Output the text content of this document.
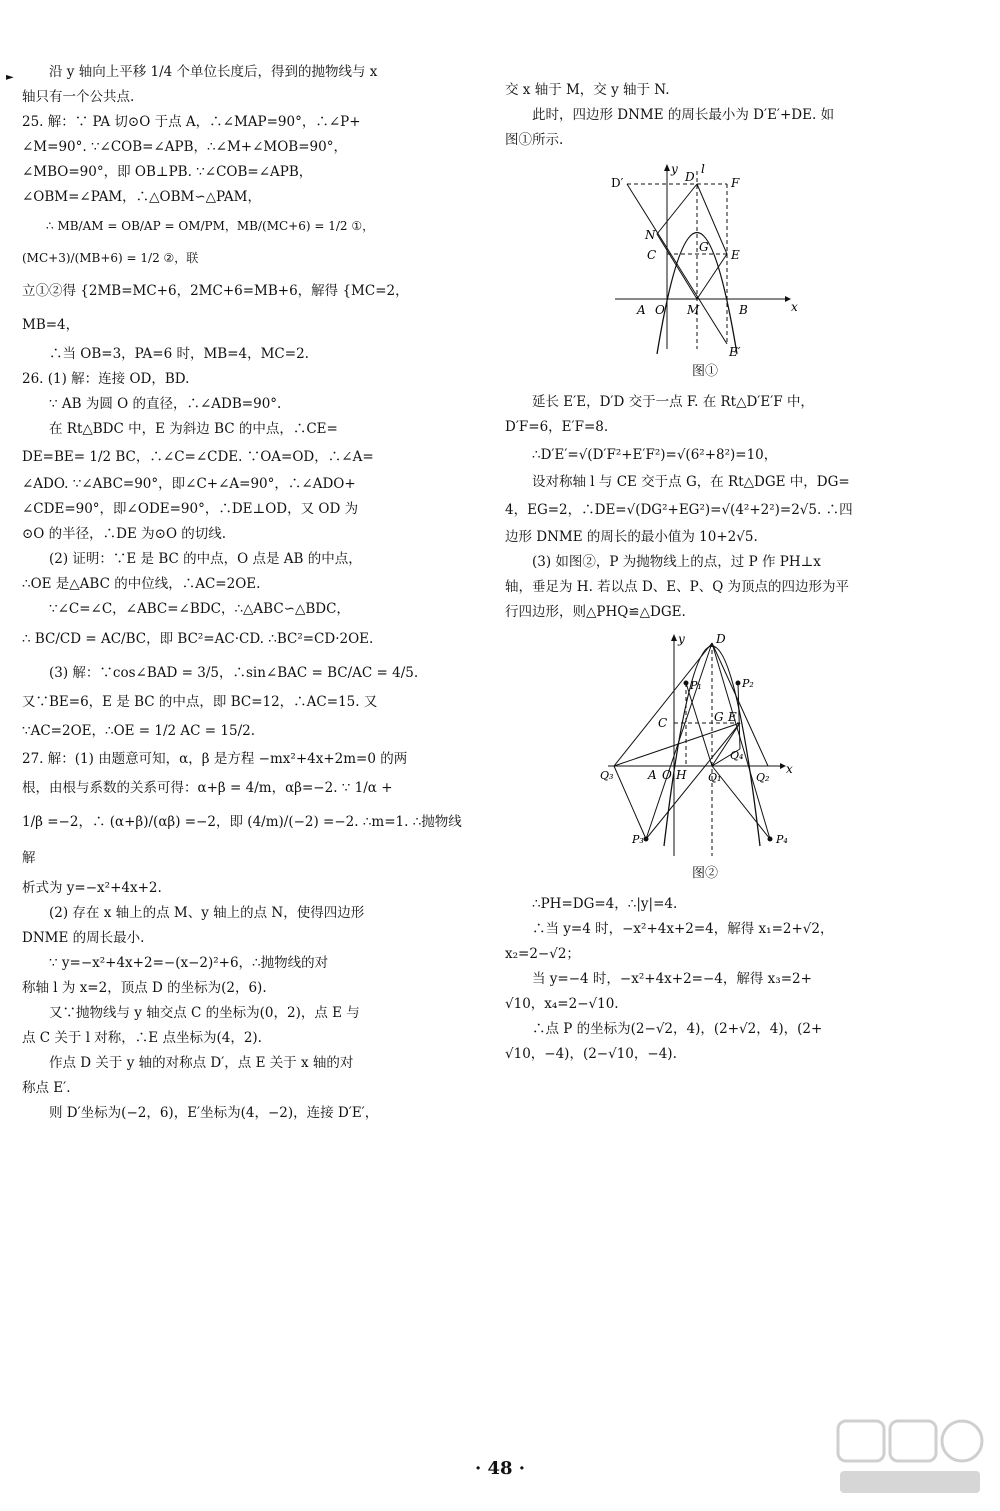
►	沿 y 轴向上平移 1/4 个单位长度后，得到的抛物线与 x

轴只有一个公共点.

25. 解：∵ PA 切⊙O 于点 A，∴∠MAP=90°，∴∠P+

∠M=90°. ∵∠COB=∠APB，∴∠M+∠MOB=90°，

∠MBO=90°，即 OB⊥PB. ∵∠COB=∠APB，

∠OBM=∠PAM，∴△OBM∽△PAM，

∴ MB/AM = OB/AP = OM/PM，MB/(MC+6) = 1/2 ①，(MC+3)/(MB+6) = 1/2 ②，联

立①②得 {2MB=MC+6，2MC+6=MB+6，解得 {MC=2，MB=4，

∴当 OB=3，PA=6 时，MB=4，MC=2.

26. (1) 解：连接 OD，BD.

∵ AB 为圆 O 的直径，∴∠ADB=90°.

在 Rt△BDC 中，E 为斜边 BC 的中点，∴CE=

DE=BE= 1/2 BC，∴∠C=∠CDE. ∵OA=OD，∴∠A=

∠ADO. ∵∠ABC=90°，即∠C+∠A=90°，∴∠ADO+

∠CDE=90°，即∠ODE=90°，∴DE⊥OD，又 OD 为

⊙O 的半径，∴DE 为⊙O 的切线.

(2) 证明：∵E 是 BC 的中点，O 点是 AB 的中点，

∴OE 是△ABC 的中位线，∴AC=2OE.

∵∠C=∠C，∠ABC=∠BDC，∴△ABC∽△BDC，

∴ BC/CD = AC/BC，即 BC²=AC·CD. ∴BC²=CD·2OE.

(3) 解：∵cos∠BAD = 3/5，∴sin∠BAC = BC/AC = 4/5.

又∵BE=6，E 是 BC 的中点，即 BC=12，∴AC=15. 又

∵AC=2OE，∴OE = 1/2 AC = 15/2.

27. 解：(1) 由题意可知，α，β 是方程 −mx²+4x+2m=0 的两

根，由根与系数的关系可得：α+β = 4/m，αβ=−2. ∵ 1/α +

1/β =−2，∴ (α+β)/(αβ) =−2，即 (4/m)/(−2) =−2. ∴m=1. ∴抛物线解

析式为 y=−x²+4x+2.

(2) 存在 x 轴上的点 M、y 轴上的点 N，使得四边形

DNME 的周长最小.

∵ y=−x²+4x+2=−(x−2)²+6，∴抛物线的对

称轴 l 为 x=2，顶点 D 的坐标为(2，6).

又∵抛物线与 y 轴交点 C 的坐标为(0，2)，点 E 与

点 C 关于 l 对称，∴E 点坐标为(4，2).

作点 D 关于 y 轴的对称点 D′，点 E 关于 x 轴的对

称点 E′.

则 D′坐标为(−2，6)，E′坐标为(4，−2)，连接 D′E′，

交 x 轴于 M，交 y 轴于 N.

此时，四边形 DNME 的周长最小为 D′E′+DE. 如

图①所示.

D′
y
D
l
F
N
C
G
E
A O M	B	x
E′

图①

延长 E′E，D′D 交于一点 F. 在 Rt△D′E′F 中，

D′F=6，E′F=8.

∴D′E′=√(D′F²+E′F²)=√(6²+8²)=10，

设对称轴 l 与 CE 交于点 G，在 Rt△DGE 中，DG=

4，EG=2，∴DE=√(DG²+EG²)=√(4²+2²)=2√5. ∴四

边形 DNME 的周长的最小值为 10+2√5.

(3) 如图②，P 为抛物线上的点，过 P 作 PH⊥x

轴，垂足为 H. 若以点 D、E、P、Q 为顶点的四边形为平

行四边形，则△PHQ≌△DGE.

y	D
P₂
P₁
C	G E
Q₄
Q₃	A O H Q₁	Q₂
x
P₃	P₄

图②

∴PH=DG=4，∴|y|=4.

∴当 y=4 时，−x²+4x+2=4，解得 x₁=2+√2，

x₂=2−√2；

当 y=−4 时，−x²+4x+2=−4，解得 x₃=2+

√10，x₄=2−√10.

∴点 P 的坐标为(2−√2，4)，(2+√2，4)，(2+

√10，−4)，(2−√10，−4).

· 48 ·
